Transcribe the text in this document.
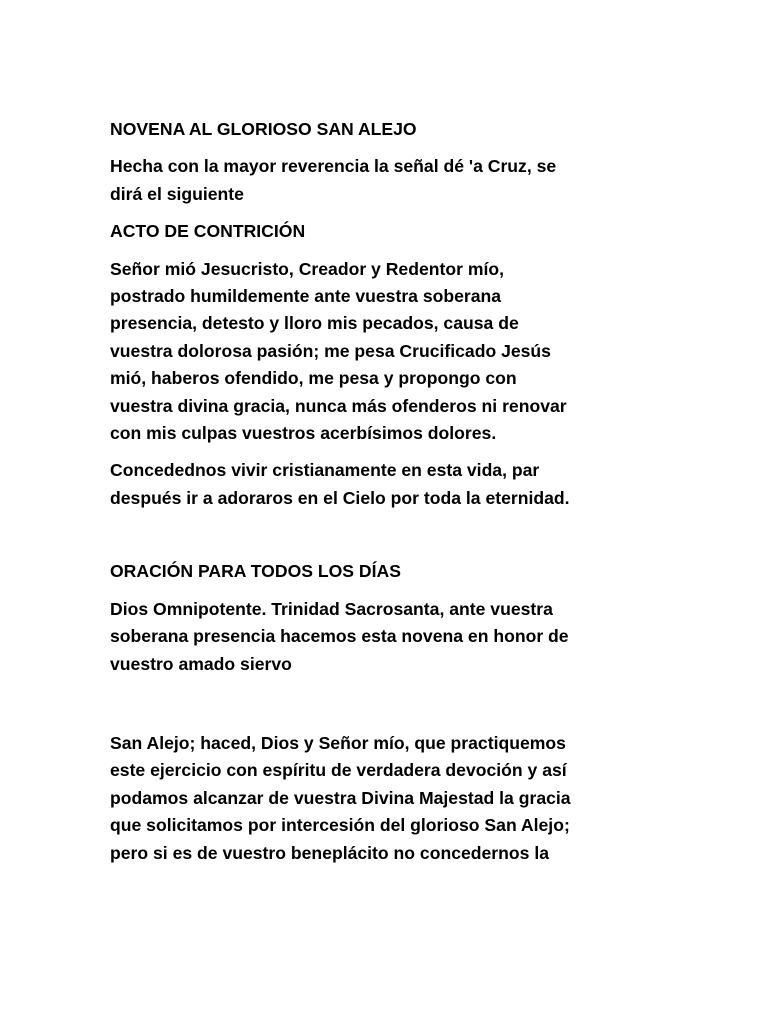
NOVENA AL GLORIOSO SAN ALEJO

Hecha con la mayor reverencia la señal dé 'a Cruz, se
dirá el siguiente

ACTO DE CONTRICIÓN

Señor mió Jesucristo, Creador y Redentor mío,
postrado humildemente ante vuestra soberana
presencia, detesto y lloro mis pecados, causa de
vuestra dolorosa pasión; me pesa Crucificado Jesús
mió, haberos ofendido, me pesa y propongo con
vuestra divina gracia, nunca más ofenderos ni renovar
con mis culpas vuestros acerbísimos dolores.

Concedednos vivir cristianamente en esta vida, par
después ir a adoraros en el Cielo por toda la eternidad.

ORACIÓN PARA TODOS LOS DÍAS

Dios Omnipotente. Trinidad Sacrosanta, ante vuestra
soberana presencia hacemos esta novena en honor de
vuestro amado siervo

San Alejo; haced, Dios y Señor mío, que practiquemos
este ejercicio con espíritu de verdadera devoción y así
podamos alcanzar de vuestra Divina Majestad la gracia
que solicitamos por intercesión del glorioso San Alejo;
pero si es de vuestro beneplácito no concedernos la
